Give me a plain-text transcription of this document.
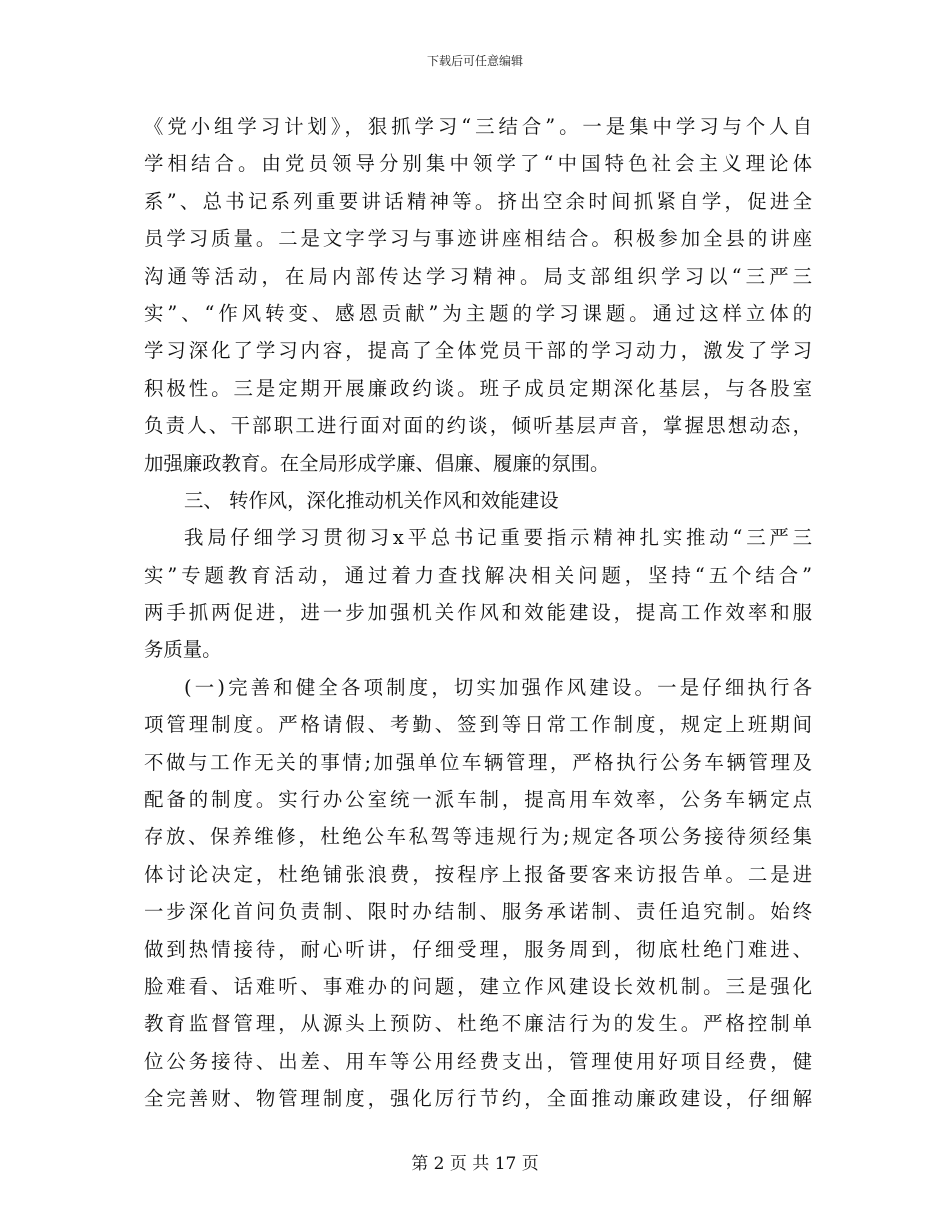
下载后可任意编辑
《党小组学习计划》，狠抓学习“三结合”。一是集中学习与个人自
学相结合。由党员领导分别集中领学了“中国特色社会主义理论体
系”、总书记系列重要讲话精神等。挤出空余时间抓紧自学，促进全
员学习质量。二是文字学习与事迹讲座相结合。积极参加全县的讲座
沟通等活动，在局内部传达学习精神。局支部组织学习以“三严三
实”、“作风转变、感恩贡献”为主题的学习课题。通过这样立体的
学习深化了学习内容，提高了全体党员干部的学习动力，激发了学习
积极性。三是定期开展廉政约谈。班子成员定期深化基层，与各股室
负责人、干部职工进行面对面的约谈，倾听基层声音，掌握思想动态，
加强廉政教育。在全局形成学廉、倡廉、履廉的氛围。
三、 转作风，深化推动机关作风和效能建设
我局仔细学习贯彻习x平总书记重要指示精神扎实推动“三严三
实”专题教育活动，通过着力查找解决相关问题，坚持“五个结合”
两手抓两促进，进一步加强机关作风和效能建设，提高工作效率和服
务质量。
(一)完善和健全各项制度，切实加强作风建设。一是仔细执行各
项管理制度。严格请假、考勤、签到等日常工作制度，规定上班期间
不做与工作无关的事情;加强单位车辆管理，严格执行公务车辆管理及
配备的制度。实行办公室统一派车制，提高用车效率，公务车辆定点
存放、保养维修，杜绝公车私驾等违规行为;规定各项公务接待须经集
体讨论决定，杜绝铺张浪费，按程序上报备要客来访报告单。二是进
一步深化首问负责制、限时办结制、服务承诺制、责任追究制。始终
做到热情接待，耐心听讲，仔细受理，服务周到，彻底杜绝门难进、
脸难看、话难听、事难办的问题，建立作风建设长效机制。三是强化
教育监督管理，从源头上预防、杜绝不廉洁行为的发生。严格控制单
位公务接待、出差、用车等公用经费支出，管理使用好项目经费，健
全完善财、物管理制度，强化厉行节约，全面推动廉政建设，仔细解
第 2 页 共 17 页
